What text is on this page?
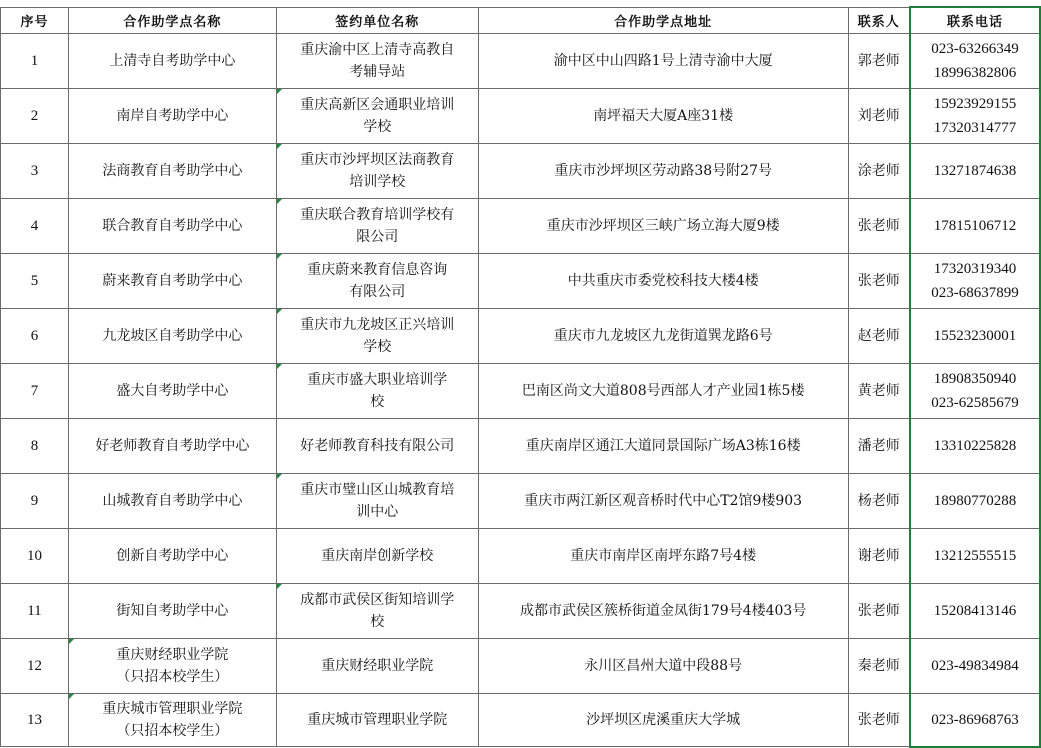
序号	合作助学点名称	签约单位名称	合作助学点地址	联系人	联系电话
1	上清寺自考助学中心	重庆渝中区上清寺高教自
考辅导站	渝中区中山四路1号上清寺渝中大厦	郭老师	023-63266349
18996382806

2	南岸自考助学中心	重庆高新区会通职业培训
学校	南坪福天大厦A座31楼	刘老师	15923929155
17320314777

3	法商教育自考助学中心	重庆市沙坪坝区法商教育
培训学校	重庆市沙坪坝区劳动路38号附27号	涂老师	13271874638

4	联合教育自考助学中心	重庆联合教育培训学校有
限公司	重庆市沙坪坝区三峡广场立海大厦9楼	张老师	17815106712

5	蔚来教育自考助学中心	重庆蔚来教育信息咨询
有限公司	中共重庆市委党校科技大楼4楼	张老师	17320319340
023-68637899

6	九龙坡区自考助学中心	重庆市九龙坡区正兴培训
学校	重庆市九龙坡区九龙街道巽龙路6号	赵老师	15523230001

7	盛大自考助学中心	重庆市盛大职业培训学
校	巴南区尚文大道808号西部人才产业园1栋5楼	黄老师	18908350940
023-62585679

8	好老师教育自考助学中心	好老师教育科技有限公司	重庆南岸区通江大道同景国际广场A3栋16楼	潘老师	13310225828

9	山城教育自考助学中心	重庆市璧山区山城教育培
训中心	重庆市两江新区观音桥时代中心T2馆9楼903	杨老师	18980770288

10	创新自考助学中心	重庆南岸创新学校	重庆市南岸区南坪东路7号4楼	谢老师	13212555515

11	街知自考助学中心	成都市武侯区街知培训学
校	成都市武侯区簇桥街道金凤街179号4楼403号	张老师	15208413146

12	重庆财经职业学院
（只招本校学生）	重庆财经职业学院	永川区昌州大道中段88号	秦老师	023-49834984

13	重庆城市管理职业学院
（只招本校学生）	重庆城市管理职业学院	沙坪坝区虎溪重庆大学城	张老师	023-86968763
